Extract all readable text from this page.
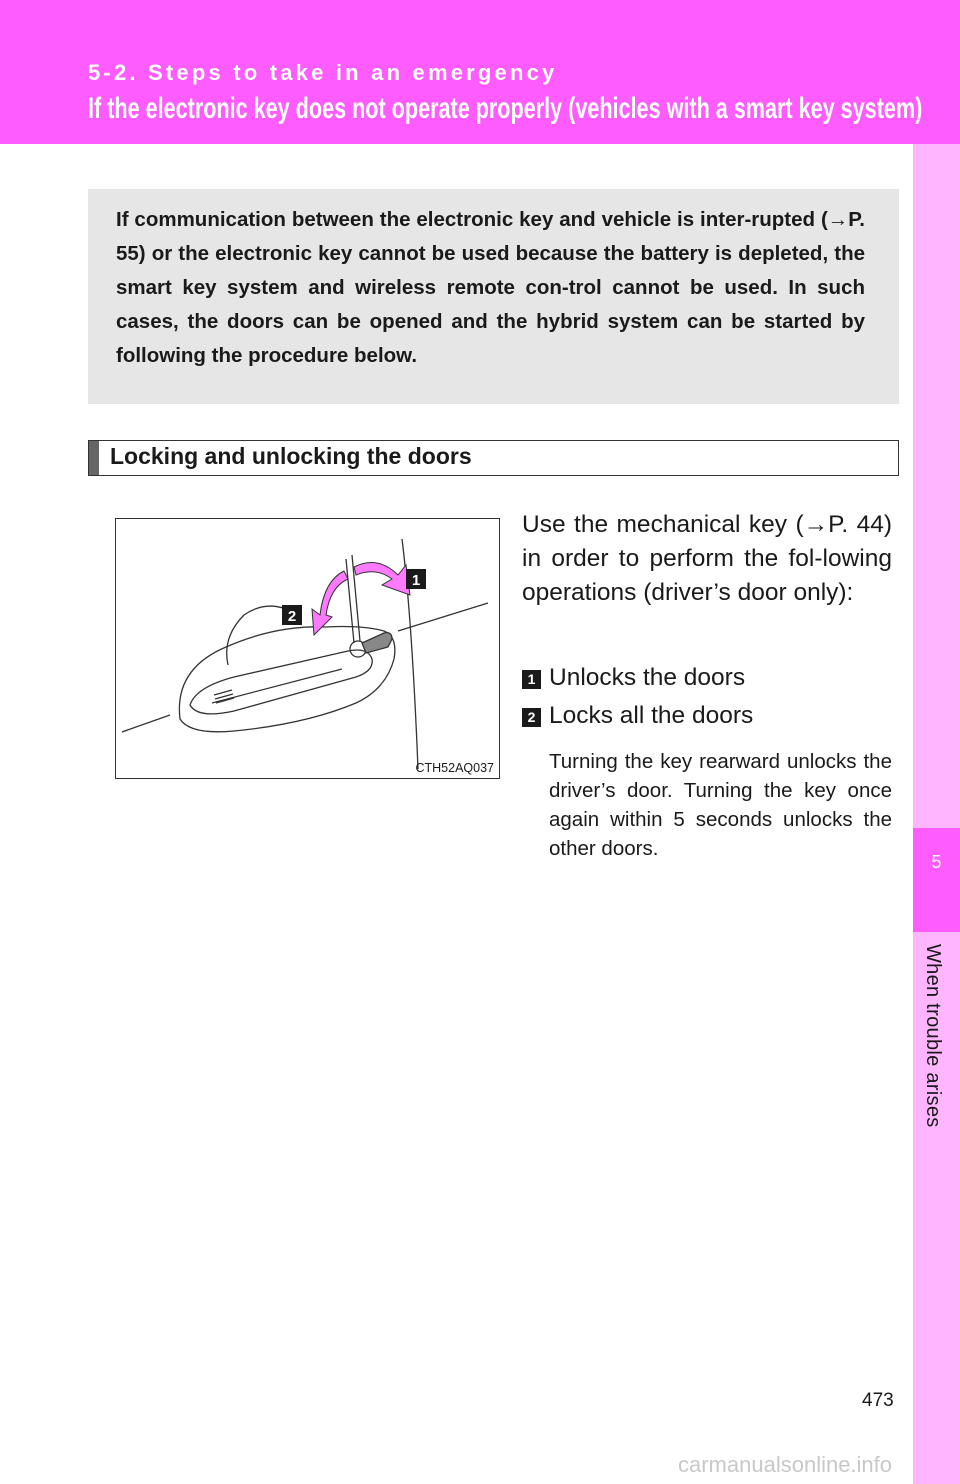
5-2. Steps to take in an emergency
If the electronic key does not operate properly (vehicles with a smart key system)
5
When trouble arises

If communication between the electronic key and vehicle is inter-rupted (→P. 55) or the electronic key cannot be used because the battery is depleted, the smart key system and wireless remote con-trol cannot be used. In such cases, the doors can be opened and the hybrid system can be started by following the procedure below.

Locking and unlocking the doors
1
2
CTH52AQ037
Use the mechanical key (→P. 44) in order to perform the fol-lowing operations (driver’s door only):
1 Unlocks the doors
2 Locks all the doors
Turning the key rearward unlocks the driver’s door. Turning the key once again within 5 seconds unlocks the other doors.
473
carmanualsonline.info
